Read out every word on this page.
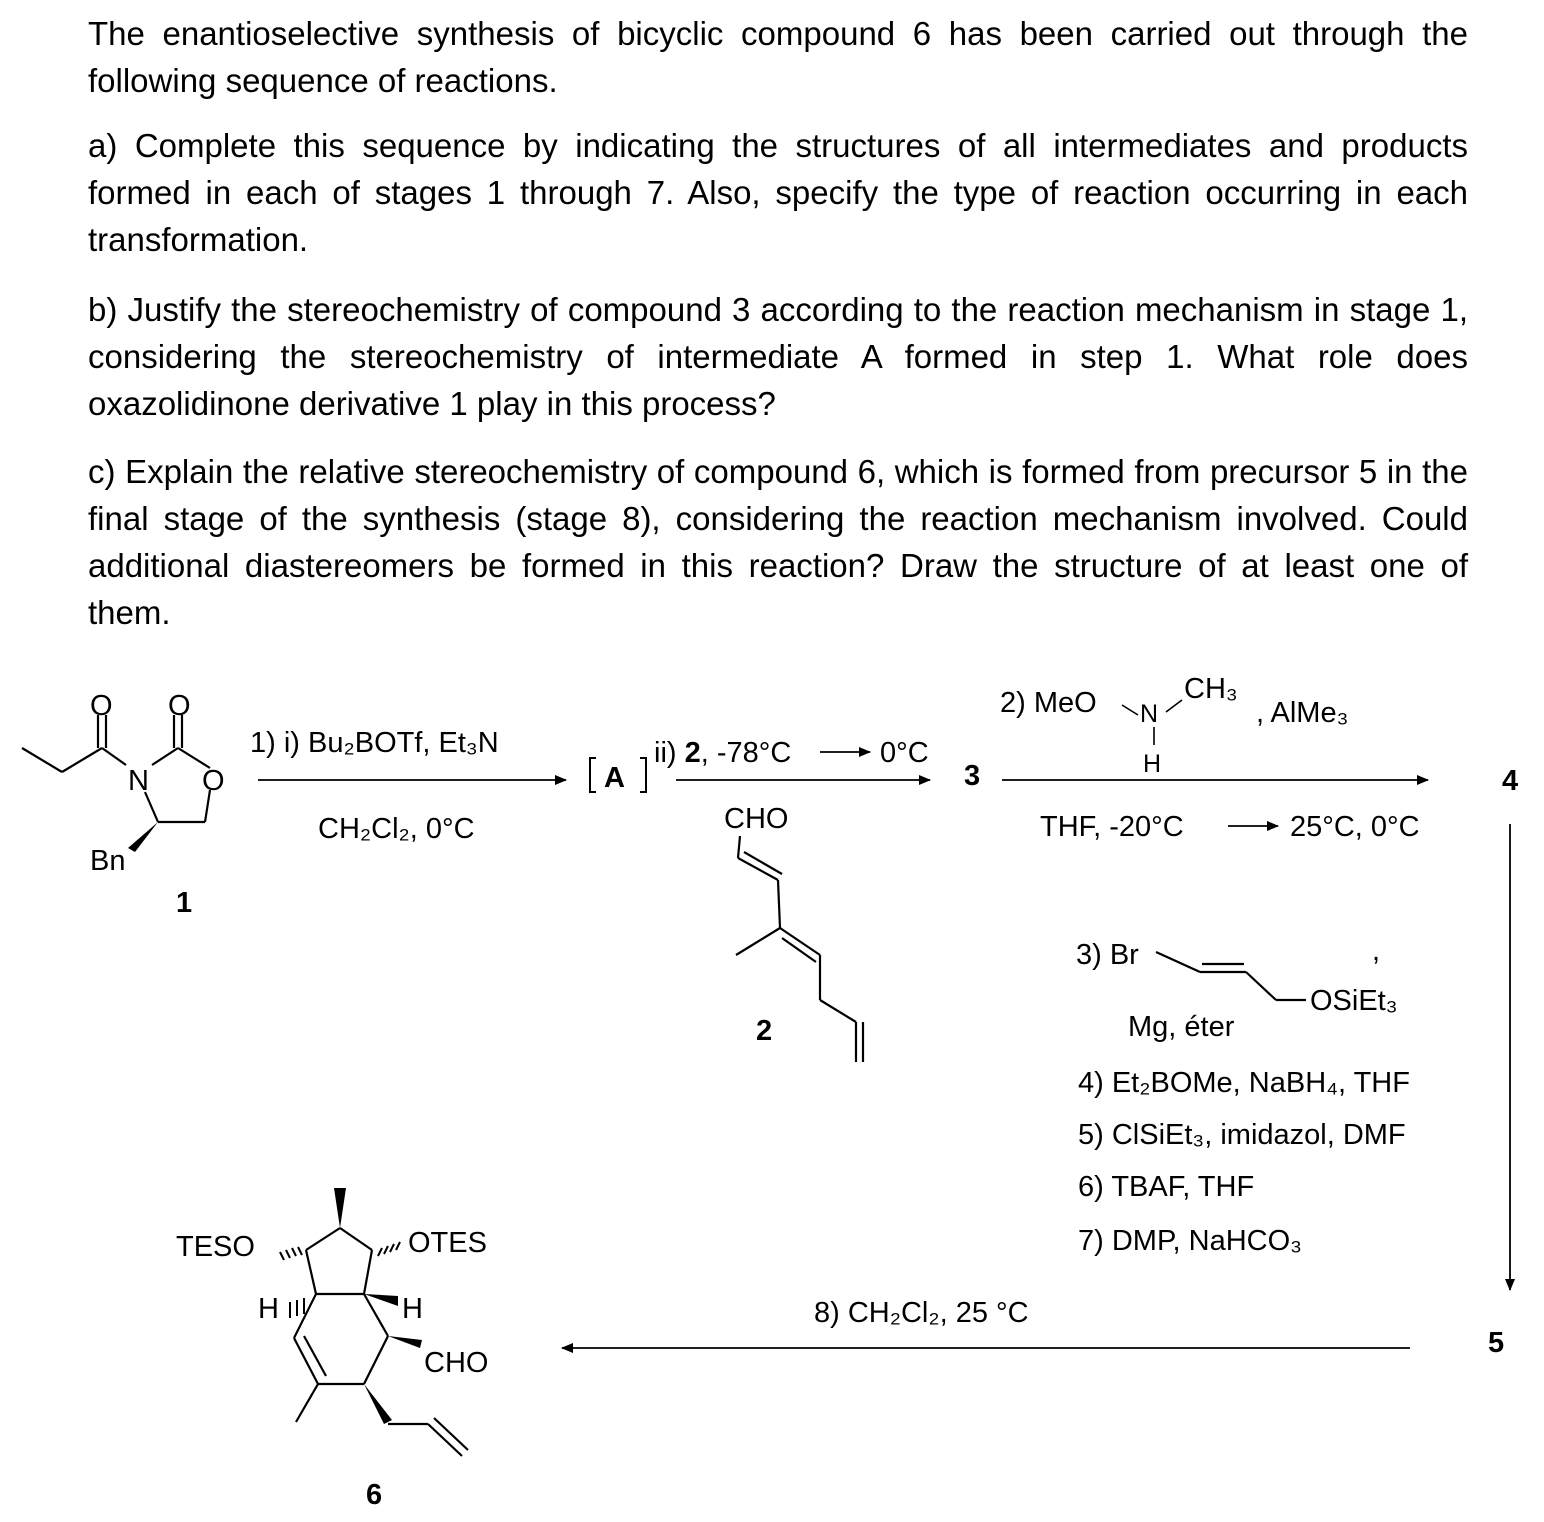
The enantioselective synthesis of bicyclic compound 6 has been carried out through the following sequence of reactions.

a) Complete this sequence by indicating the structures of all intermediates and products formed in each of stages 1 through 7. Also, specify the type of reaction occurring in each transformation.

b) Justify the stereochemistry of compound 3 according to the reaction mechanism in stage 1, considering the stereochemistry of intermediate A formed in step 1. What role does oxazolidinone derivative 1 play in this process?

c) Explain the relative stereochemistry of compound 6, which is formed from precursor 5 in the final stage of the synthesis (stage 8), considering the reaction mechanism involved. Could additional diastereomers be formed in this reaction? Draw the structure of at least one of them.

O O
N O
Bn
1
1) i) Bu₂BOTf, Et₃N
CH₂Cl₂, 0°C
A
ii) 2, -78°C	0°C
CHO
2
3
2) MeO N
CH₃
H
, AlMe₃
THF, -20°C	25°C, 0°C
4
3) Br
OSiEt₃
,
Mg, éter
4) Et₂BOMe, NaBH₄, THF
5) ClSiEt₃, imidazol, DMF
6) TBAF, THF
7) DMP, NaHCO₃
5
8) CH₂Cl₂, 25 °C
TESO	OTES
H	H
CHO
6
